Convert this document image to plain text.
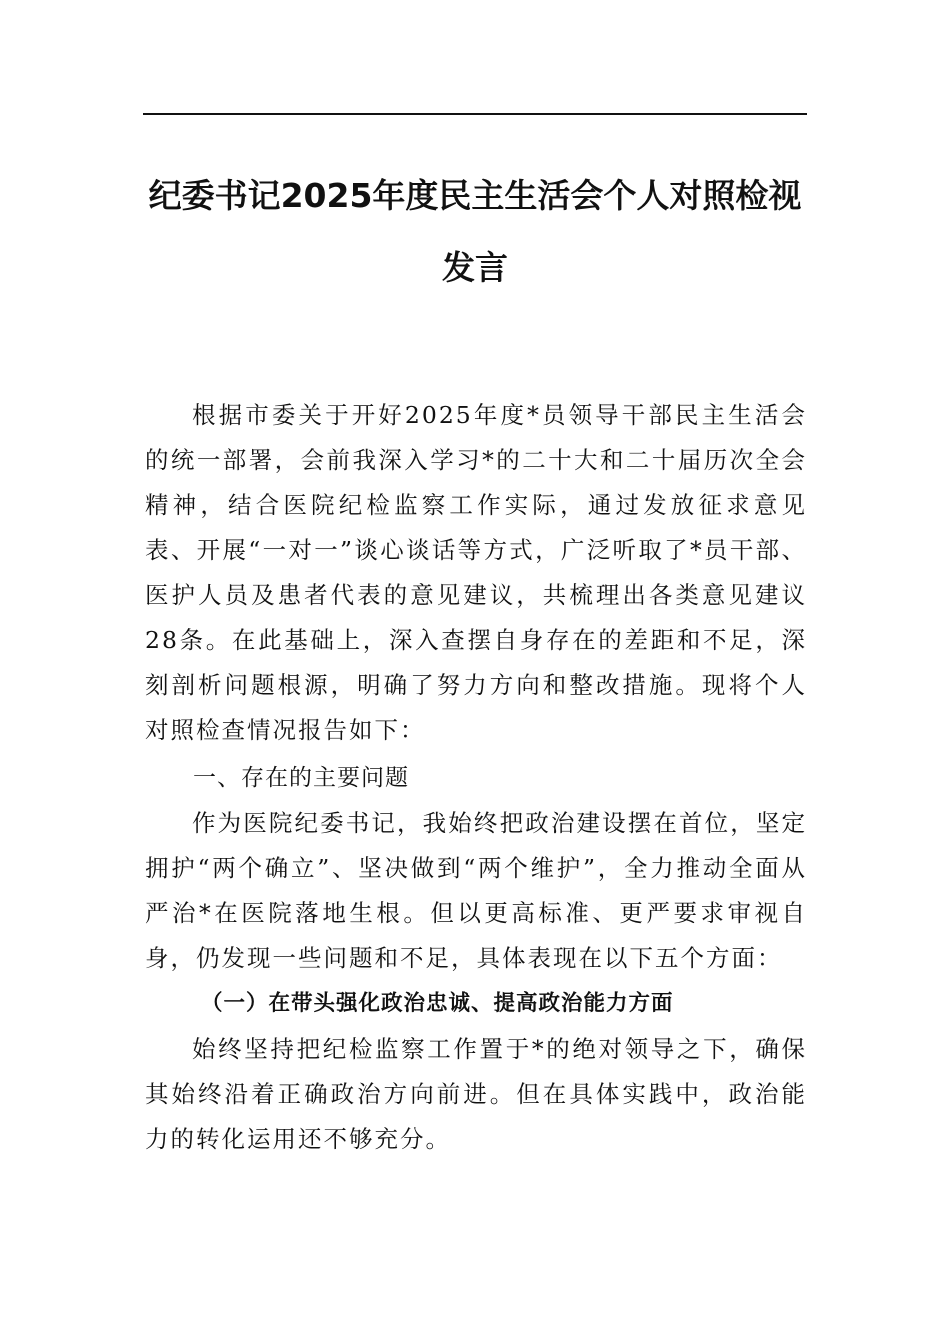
纪委书记2025年度民主生活会个人对照检视发言

根据市委关于开好2025年度*员领导干部民主生活会的统一部署，会前我深入学习*的二十大和二十届历次全会精神，结合医院纪检监察工作实际，通过发放征求意见表、开展“一对一”谈心谈话等方式，广泛听取了*员干部、医护人员及患者代表的意见建议，共梳理出各类意见建议28条。在此基础上，深入查摆自身存在的差距和不足，深刻剖析问题根源，明确了努力方向和整改措施。现将个人对照检查情况报告如下：

一、存在的主要问题

作为医院纪委书记，我始终把政治建设摆在首位，坚定拥护“两个确立”、坚决做到“两个维护”，全力推动全面从严治*在医院落地生根。但以更高标准、更严要求审视自身，仍发现一些问题和不足，具体表现在以下五个方面：

（一）在带头强化政治忠诚、提高政治能力方面

始终坚持把纪检监察工作置于*的绝对领导之下，确保其始终沿着正确政治方向前进。但在具体实践中，政治能力的转化运用还不够充分。
